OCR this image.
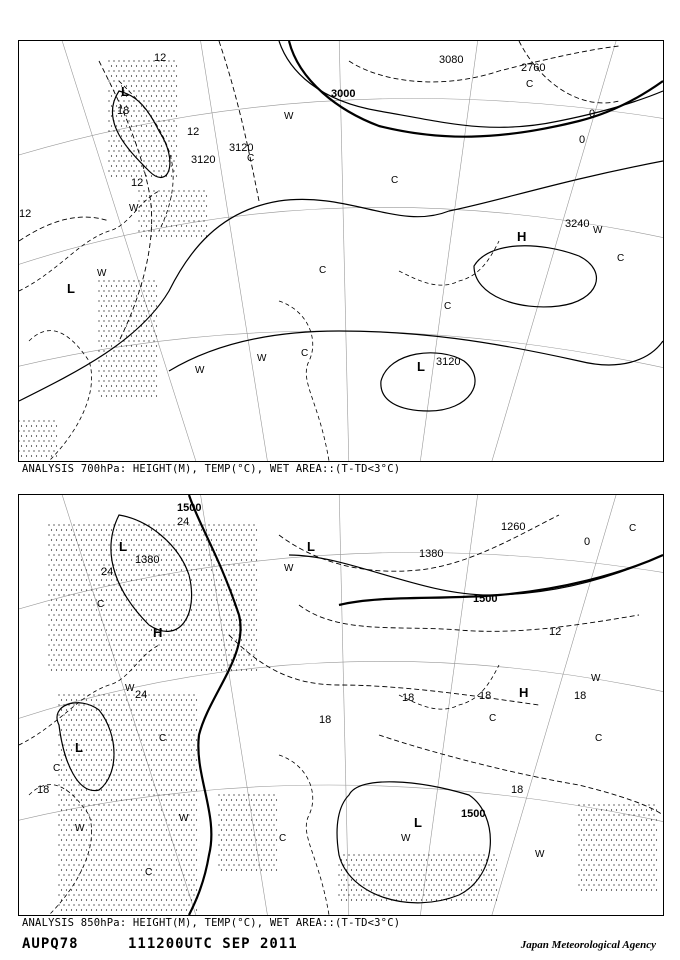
3000
3120
3120
3240
3120
3080
2760
12
12
12
18
12
0
0
L
L
H
L
W
W
W
W
W
W
C
C
C
C
C
C
C
ANALYSIS 700hPa: HEIGHT(M), TEMP(°C), WET AREA::(T-TD<3°C)
1500
1380	1380
1500
1500
1260
24
24
24
12
18	18	18
18
18
0
18
L
L
H
H
L
L
W
W
W
W
W
W
W
C
C
C
C
C
C
C
C
ANALYSIS 850hPa: HEIGHT(M), TEMP(°C), WET AREA::(T-TD<3°C)
AUPQ78	111200UTC SEP 2011	Japan Meteorological Agency
